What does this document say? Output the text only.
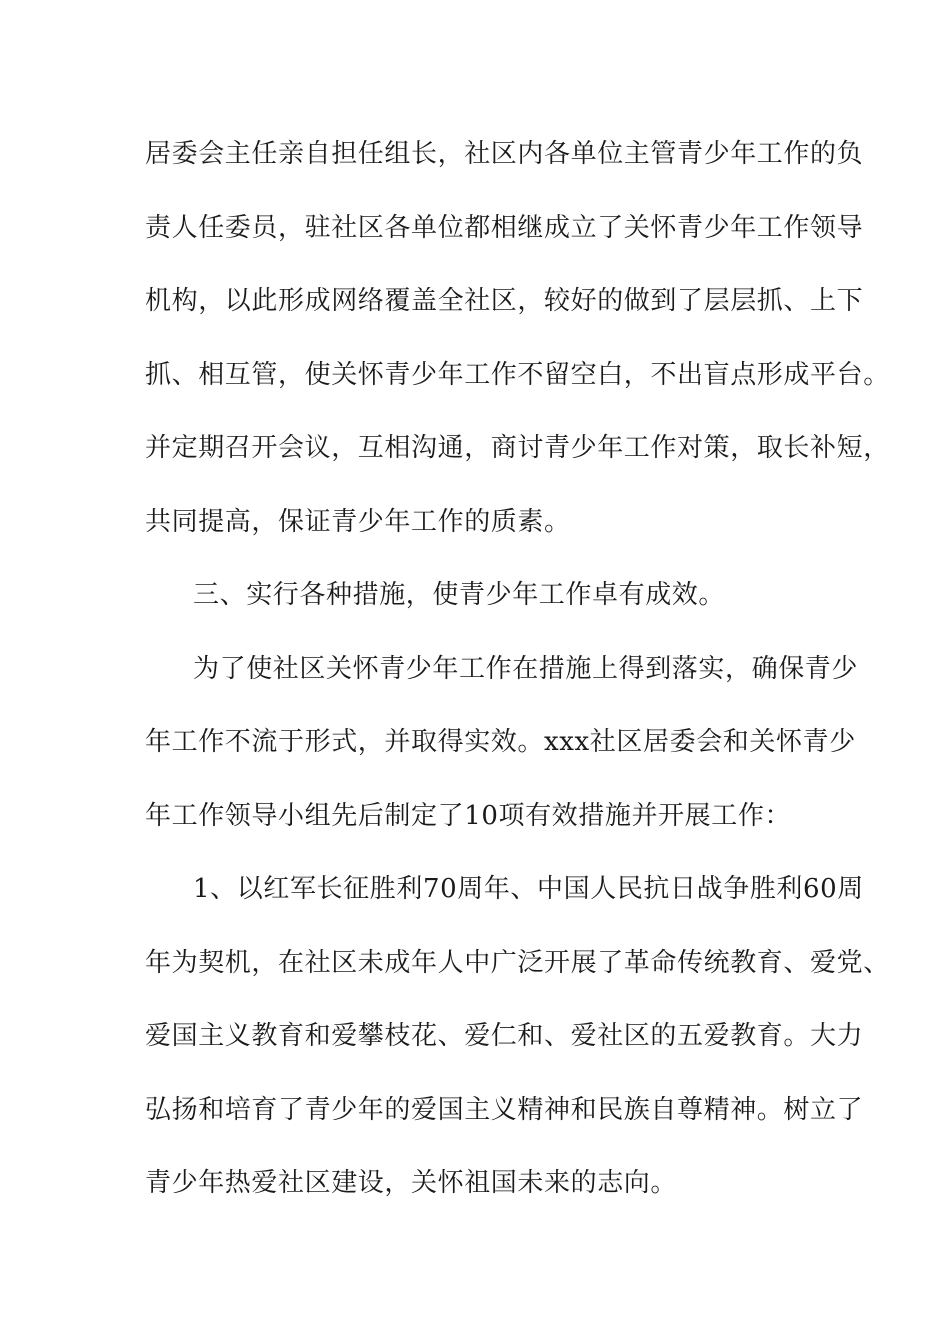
居委会主任亲自担任组长，社区内各单位主管青少年工作的负
责人任委员，驻社区各单位都相继成立了关怀青少年工作领导
机构，以此形成网络覆盖全社区，较好的做到了层层抓、上下
抓、相互管，使关怀青少年工作不留空白，不出盲点形成平台。
并定期召开会议，互相沟通，商讨青少年工作对策，取长补短，
共同提高，保证青少年工作的质素。
三、实行各种措施，使青少年工作卓有成效。
为了使社区关怀青少年工作在措施上得到落实，确保青少
年工作不流于形式，并取得实效。xxx社区居委会和关怀青少
年工作领导小组先后制定了10项有效措施并开展工作：
1、以红军长征胜利70周年、中国人民抗日战争胜利60周
年为契机，在社区未成年人中广泛开展了革命传统教育、爱党、
爱国主义教育和爱攀枝花、爱仁和、爱社区的五爱教育。大力
弘扬和培育了青少年的爱国主义精神和民族自尊精神。树立了
青少年热爱社区建设，关怀祖国未来的志向。
